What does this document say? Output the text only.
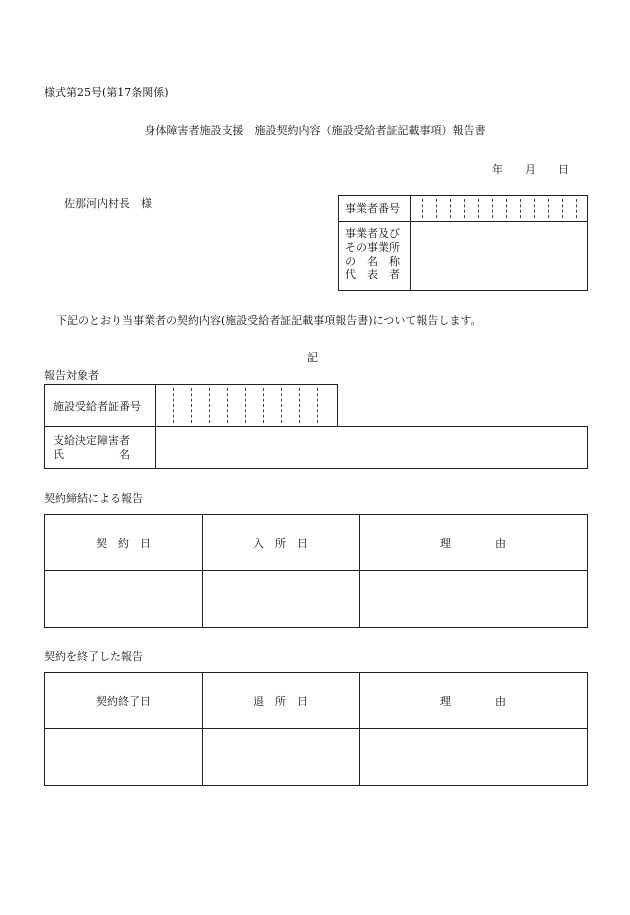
様式第25号(第17条関係)
身体障害者施設支援　施設契約内容（施設受給者証記載事項）報告書
年　　月　　日
佐那河内村長　様	事業者番号
事業者及び
その事業所
の　名　称
代　表　者
下記のとおり当事業者の契約内容(施設受給者証記載事項報告書)について報告します。
記
報告対象者
施設受給者証番号
支給決定障害者
氏　　　　　名
契約締結による報告
契　約　日	入　所　日	理　　　　由
契約を終了した報告
契約終了日	退　所　日	理　　　　由
